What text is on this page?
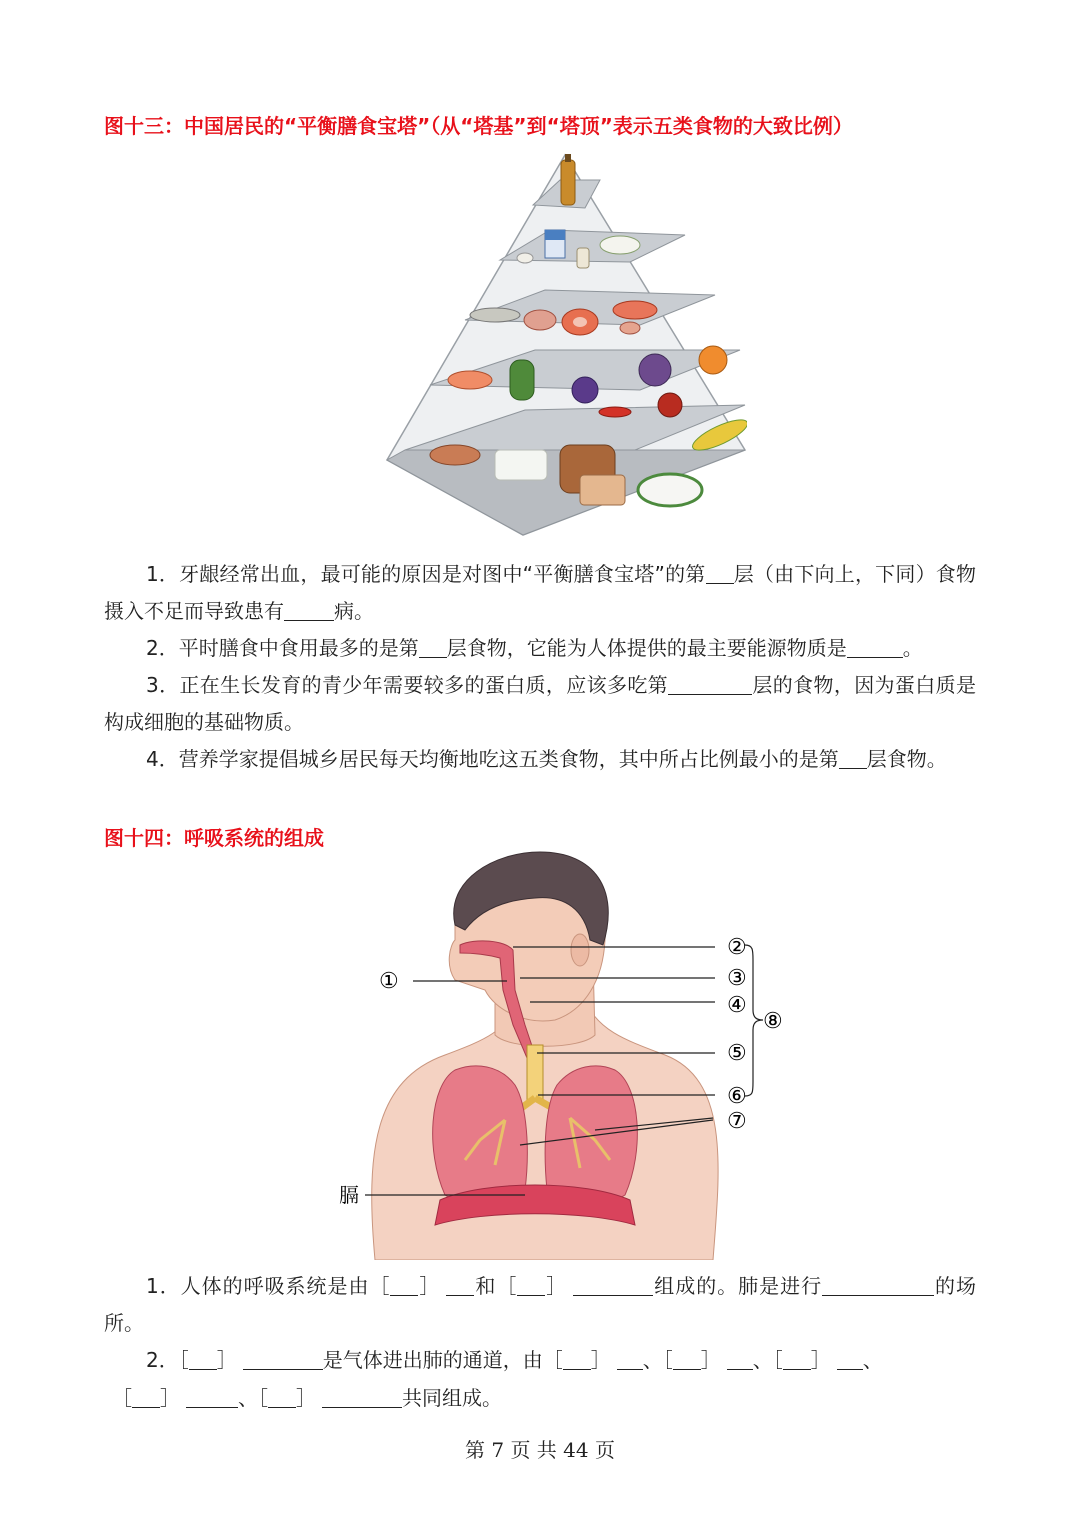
图十三：中国居民的“平衡膳食宝塔”（从“塔基”到“塔顶”表示五类食物的大致比例）
1．牙龈经常出血，最可能的原因是对图中“平衡膳食宝塔”的第 层（由下向上，下同）食物摄入不足而导致患有	病。
2．平时膳食中食用最多的是第 层食物，它能为人体提供的最主要能源物质是	。
3．正在生长发育的青少年需要较多的蛋白质，应该多吃第	层的食物，因为蛋白质是构成细胞的基础物质。
4．营养学家提倡城乡居民每天均衡地吃这五类食物，其中所占比例最小的是第 层食物。
图十四：呼吸系统的组成
②
③
①
④
⑤
⑥
⑦
⑧
膈
1．人体的呼吸系统是由［ ］ 和［ ］	组成的。肺是进行	的场所。
2．［ ］	是气体进出肺的通道，由［ ］ 、［ ］ 、［ ］ 、
［ ］	、［ ］	共同组成。
第 7 页 共 44 页
